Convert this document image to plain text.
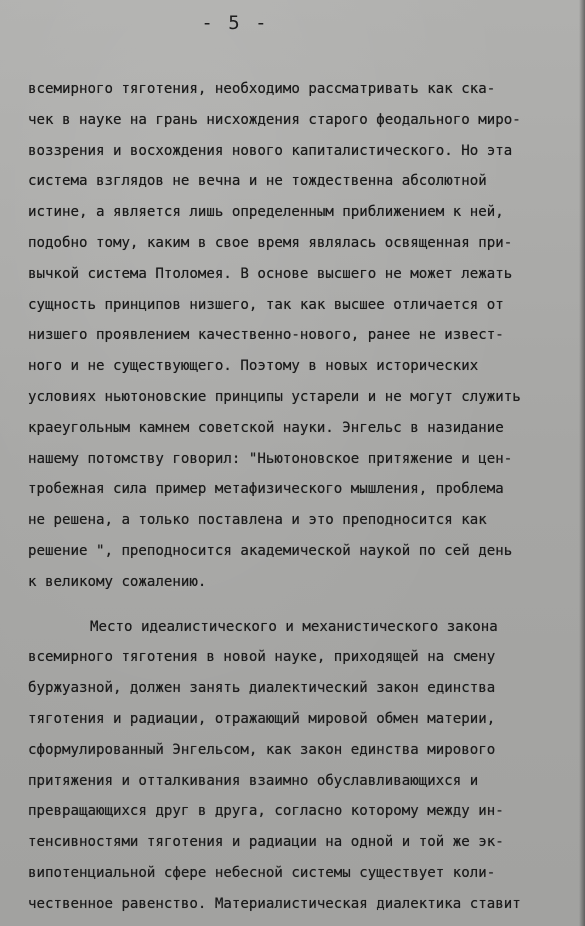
- 5 -
всемирного тяготения, необходимо рассматривать как ска-
чек в науке на грань нисхождения старого феодального миро-
воззрения и восхождения нового капиталистического. Но эта
система взглядов не вечна и не тождественна абсолютной
истине, а является лишь определенным приближением к ней,
подобно тому, каким в свое время являлась освященная при-
вычкой система Птоломея. В основе высшего не может лежать
сущность принципов низшего, так как высшее отличается от
низшего проявлением качественно-нового, ранее не извест-
ного и не существующего. Поэтому в новых исторических
условиях ньютоновские принципы устарели и не могут служить
краеугольным камнем советской науки. Энгельс в назидание
нашему потомству говорил: "Ньютоновское притяжение и цен-
тробежная сила пример метафизического мышления, проблема
не решена, а только поставлена и это преподносится как
решение ", преподносится академической наукой по сей день
к великому сожалению.
Место идеалистического и механистического закона
всемирного тяготения в новой науке, приходящей на смену
буржуазной, должен занять диалектический закон единства
тяготения и радиации, отражающий мировой обмен материи,
сформулированный Энгельсом, как закон единства мирового
притяжения и отталкивания взаимно обуславливающихся и
превращающихся друг в друга, согласно которому между ин-
тенсивностями тяготения и радиации на одной и той же эк-
випотенциальной сфере небесной системы существует коли-
чественное равенство. Материалистическая диалектика ставит
